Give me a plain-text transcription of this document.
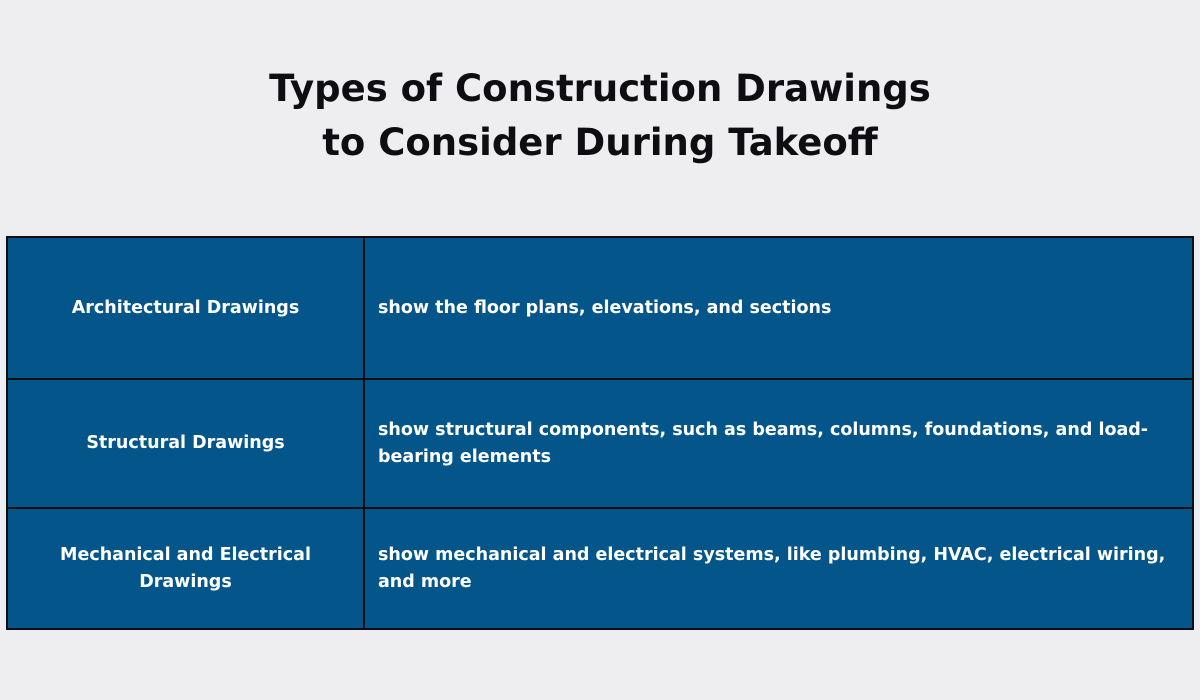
Types of Construction Drawings
to Consider During Takeoff
Architectural Drawings	show the floor plans, elevations, and sections
Structural Drawings	show structural components, such as beams, columns, foundations, and load-bearing elements
Mechanical and Electrical Drawings	show mechanical and electrical systems, like plumbing, HVAC, electrical wiring, and more
